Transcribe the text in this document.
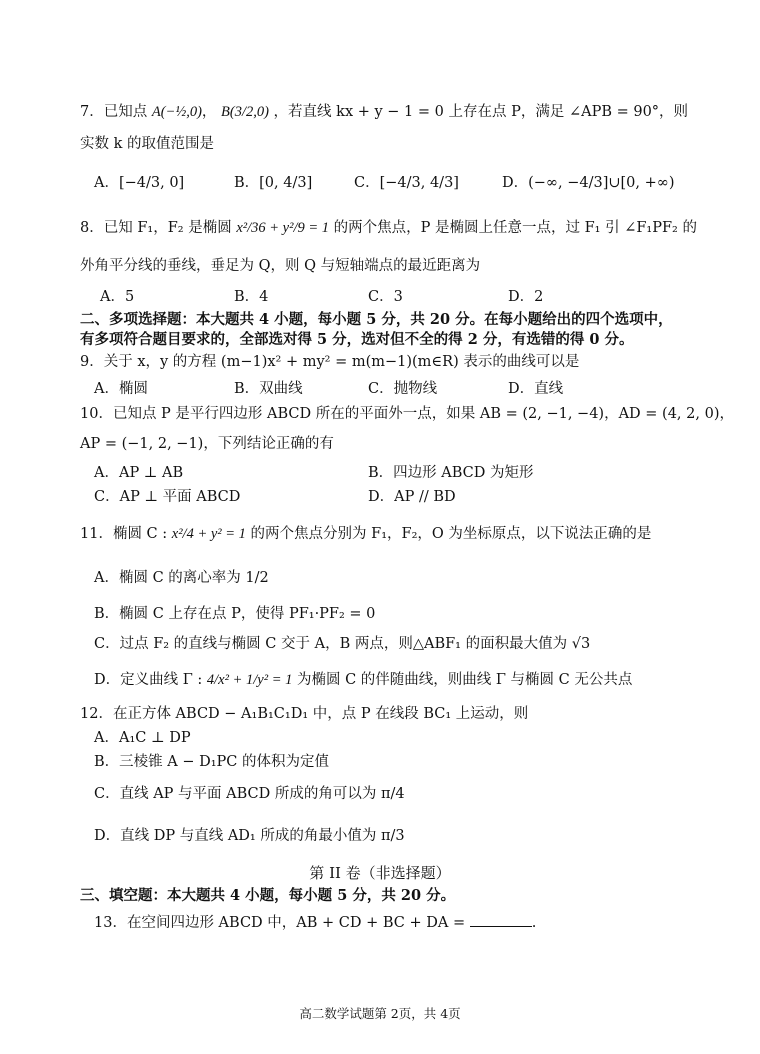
7．已知点 A(−½,0)， B(3/2,0) ，若直线 kx + y − 1 = 0 上存在点 P，满足 ∠APB = 90°，则
实数 k 的取值范围是
A．[−4/3, 0]	B．[0, 4/3]	C．[−4/3, 4/3]	D．(−∞, −4/3]∪[0, +∞)
8．已知 F₁，F₂ 是椭圆 x²/36 + y²/9 = 1 的两个焦点，P 是椭圆上任意一点，过 F₁ 引 ∠F₁PF₂ 的
外角平分线的垂线，垂足为 Q，则 Q 与短轴端点的最近距离为
A．5	B．4	C．3	D．2
二、多项选择题：本大题共 4 小题，每小题 5 分，共 20 分。在每小题给出的四个选项中，
有多项符合题目要求的，全部选对得 5 分，选对但不全的得 2 分，有选错的得 0 分。
9．关于 x，y 的方程 (m−1)x² + my² = m(m−1)(m∈R) 表示的曲线可以是
A．椭圆	B．双曲线	C．抛物线	D．直线
10．已知点 P 是平行四边形 ABCD 所在的平面外一点，如果 AB = (2, −1, −4)，AD = (4, 2, 0)，
AP = (−1, 2, −1)，下列结论正确的有
A．AP ⊥ AB	B．四边形 ABCD 为矩形
C．AP ⊥ 平面 ABCD	D．AP // BD
11．椭圆 C : x²/4 + y² = 1 的两个焦点分别为 F₁，F₂，O 为坐标原点，以下说法正确的是
A．椭圆 C 的离心率为 1/2
B．椭圆 C 上存在点 P，使得 PF₁·PF₂ = 0
C．过点 F₂ 的直线与椭圆 C 交于 A，B 两点，则△ABF₁ 的面积最大值为 √3
D．定义曲线 Γ : 4/x² + 1/y² = 1 为椭圆 C 的伴随曲线，则曲线 Γ 与椭圆 C 无公共点
12．在正方体 ABCD − A₁B₁C₁D₁ 中，点 P 在线段 BC₁ 上运动，则
A．A₁C ⊥ DP
B．三棱锥 A − D₁PC 的体积为定值
C．直线 AP 与平面 ABCD 所成的角可以为 π/4
D．直线 DP 与直线 AD₁ 所成的角最小值为 π/3
第 II 卷（非选择题）
三、填空题：本大题共 4 小题，每小题 5 分，共 20 分。
13．在空间四边形 ABCD 中，AB + CD + BC + DA =	.
高二数学试题第 2页，共 4页
